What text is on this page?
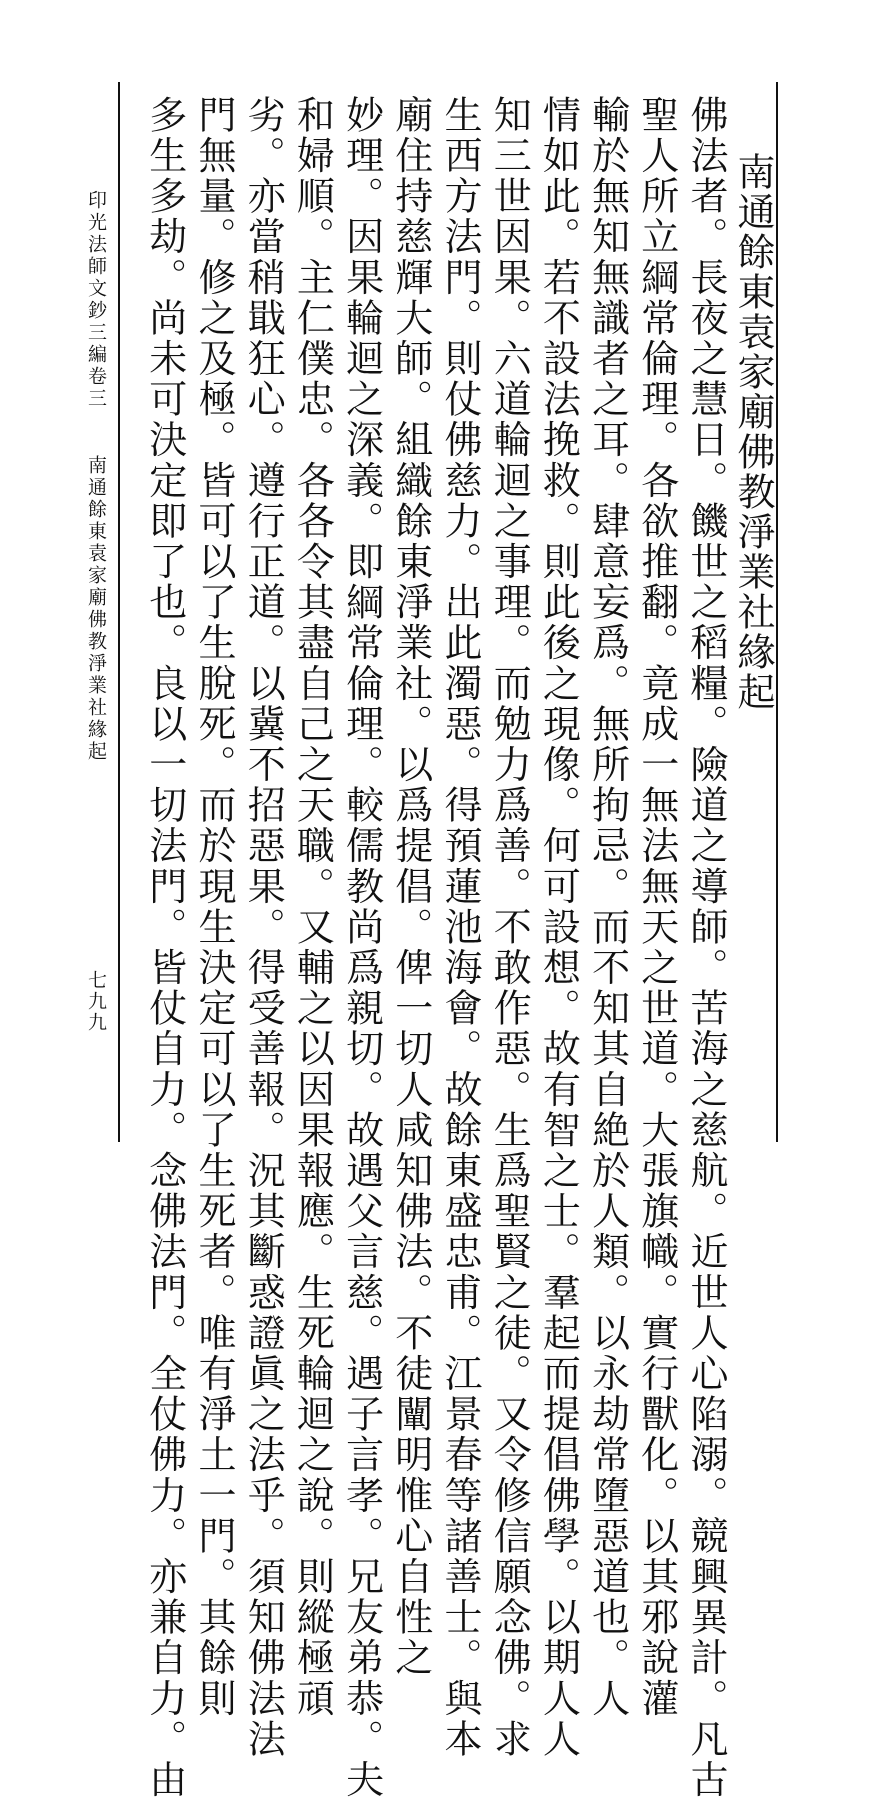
南通餘東袁家廟佛教淨業社緣起
佛法者。長夜之慧日。饑世之稻糧。險道之導師。苦海之慈航。近世人心陷溺。競興異計。凡古
聖人所立綱常倫理。各欲推翻。竟成一無法無天之世道。大張旗幟。實行獸化。以其邪說灌
輸於無知無識者之耳。肆意妄爲。無所拘忌。而不知其自絶於人類。以永劫常墮惡道也。人
情如此。若不設法挽救。則此後之現像。何可設想。故有智之士。羣起而提倡佛學。以期人人
知三世因果。六道輪迴之事理。而勉力爲善。不敢作惡。生爲聖賢之徒。又令修信願念佛。求
生西方法門。則仗佛慈力。出此濁惡。得預蓮池海會。故餘東盛忠甫。江景春等諸善士。與本
廟住持慈輝大師。組織餘東淨業社。以爲提倡。俾一切人咸知佛法。不徒闡明惟心自性之
妙理。因果輪迴之深義。即綱常倫理。較儒教尚爲親切。故遇父言慈。遇子言孝。兄友弟恭。夫
和婦順。主仁僕忠。各各令其盡自己之天職。又輔之以因果報應。生死輪迴之說。則縱極頑
劣。亦當稍戢狂心。遵行正道。以冀不招惡果。得受善報。況其斷惑證眞之法乎。須知佛法法
門無量。修之及極。皆可以了生脫死。而於現生決定可以了生死者。唯有淨土一門。其餘則
多生多劫。尚未可決定即了也。良以一切法門。皆仗自力。念佛法門。全仗佛力。亦兼自力。由
印光法師文鈔三編卷三
南通餘東袁家廟佛教淨業社緣起
七九九
